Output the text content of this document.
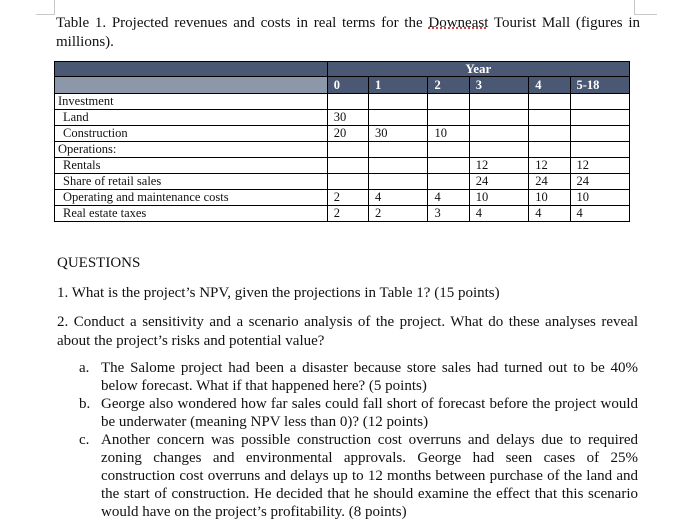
Table 1. Projected revenues and costs in real terms for the Downeast Tourist Mall (figures in millions).
	Year					
	0	1	2	3	4	5-18
Investment						
Land	30					
Construction	20	30	10			
Operations:						
Rentals				12	12	12
Share of retail sales				24	24	24
Operating and maintenance costs	2	4	4	10	10	10
Real estate taxes	2	2	3	4	4	4
QUESTIONS
1. What is the project’s NPV, given the projections in Table 1? (15 points)
2. Conduct a sensitivity and a scenario analysis of the project. What do these analyses reveal about the project’s risks and potential value?
a. The Salome project had been a disaster because store sales had turned out to be 40% below forecast. What if that happened here? (5 points)
b. George also wondered how far sales could fall short of forecast before the project would be underwater (meaning NPV less than 0)? (12 points)
c. Another concern was possible construction cost overruns and delays due to required zoning changes and environmental approvals. George had seen cases of 25% construction cost overruns and delays up to 12 months between purchase of the land and the start of construction. He decided that he should examine the effect that this scenario would have on the project’s profitability. (8 points)
